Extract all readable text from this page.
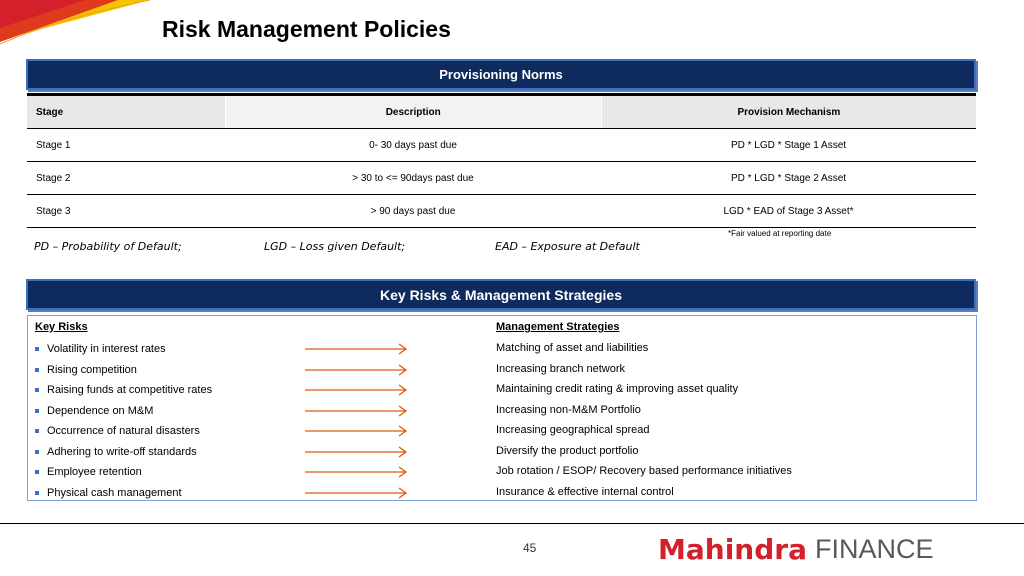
Risk Management Policies
Provisioning Norms
Stage	Description	Provision Mechanism
Stage 1	0- 30 days past due	PD * LGD * Stage 1 Asset
Stage 2	> 30 to <= 90days past due	PD * LGD * Stage 2 Asset
Stage 3	> 90 days past due	LGD * EAD of Stage 3 Asset*
*Fair valued at reporting date
PD – Probability of Default;	LGD – Loss given Default;	EAD – Exposure at Default
Key Risks & Management Strategies
Key Risks	Management Strategies
Volatility in interest rates	Matching of asset and liabilities
Rising competition	Increasing branch network
Raising funds at competitive rates	Maintaining credit rating & improving asset quality
Dependence on M&M	Increasing non-M&M Portfolio
Occurrence of natural disasters	Increasing geographical spread
Adhering to write-off standards	Diversify the product portfolio
Employee retention	Job rotation / ESOP/ Recovery based performance initiatives
Physical cash management	Insurance & effective internal control
45	Mahindra FINANCE
